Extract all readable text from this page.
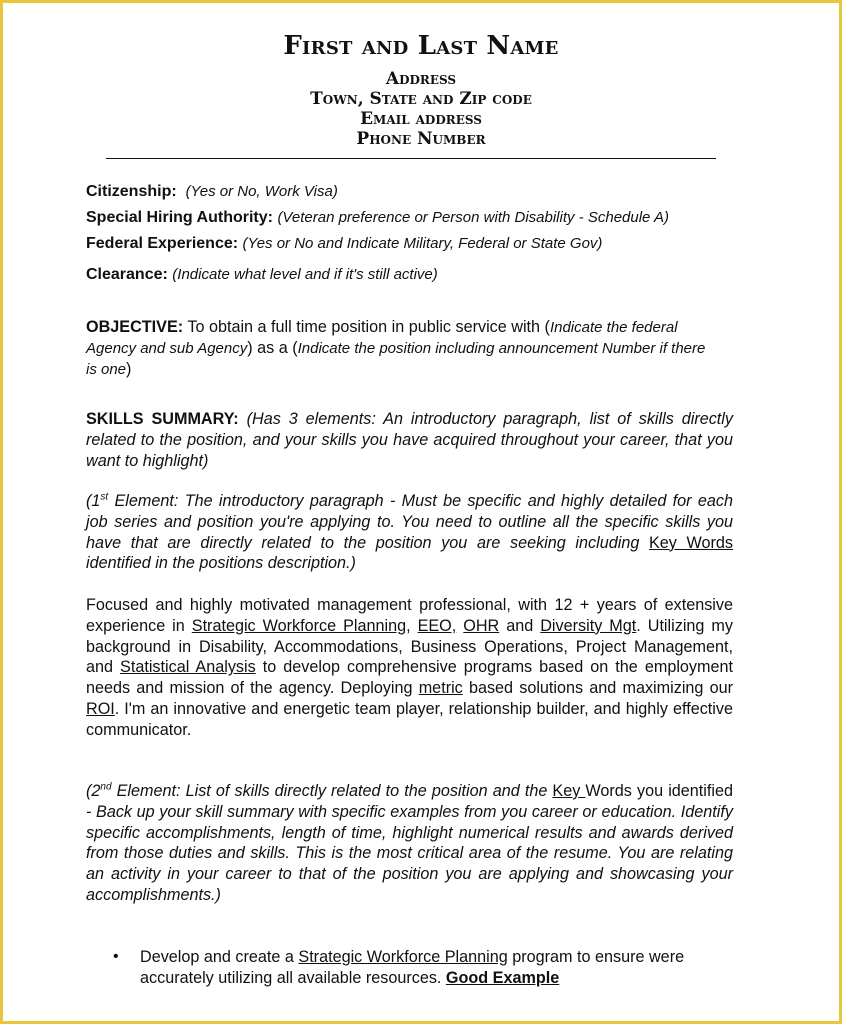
First and Last Name
Address
Town, State and Zip code
Email address
Phone Number
Citizenship: (Yes or No, Work Visa)
Special Hiring Authority: (Veteran preference or Person with Disability - Schedule A)
Federal Experience: (Yes or No and Indicate Military, Federal or State Gov)
Clearance: (Indicate what level and if it's still active)
OBJECTIVE: To obtain a full time position in public service with (Indicate the federal Agency and sub Agency) as a (Indicate the position including announcement Number if there is one)
SKILLS SUMMARY: (Has 3 elements: An introductory paragraph, list of skills directly related to the position, and your skills you have acquired throughout your career, that you want to highlight)
(1st Element: The introductory paragraph - Must be specific and highly detailed for each job series and position you're applying to. You need to outline all the specific skills you have that are directly related to the position you are seeking including Key Words identified in the positions description.)
Focused and highly motivated management professional, with 12 + years of extensive experience in Strategic Workforce Planning, EEO, OHR and Diversity Mgt. Utilizing my background in Disability, Accommodations, Business Operations, Project Management, and Statistical Analysis to develop comprehensive programs based on the employment needs and mission of the agency. Deploying metric based solutions and maximizing our ROI. I'm an innovative and energetic team player, relationship builder, and highly effective communicator.
(2nd Element: List of skills directly related to the position and the Key Words you identified - Back up your skill summary with specific examples from you career or education. Identify specific accomplishments, length of time, highlight numerical results and awards derived from those duties and skills. This is the most critical area of the resume. You are relating an activity in your career to that of the position you are applying and showcasing your accomplishments.)
• Develop and create a Strategic Workforce Planning program to ensure were accurately utilizing all available resources. Good Example
